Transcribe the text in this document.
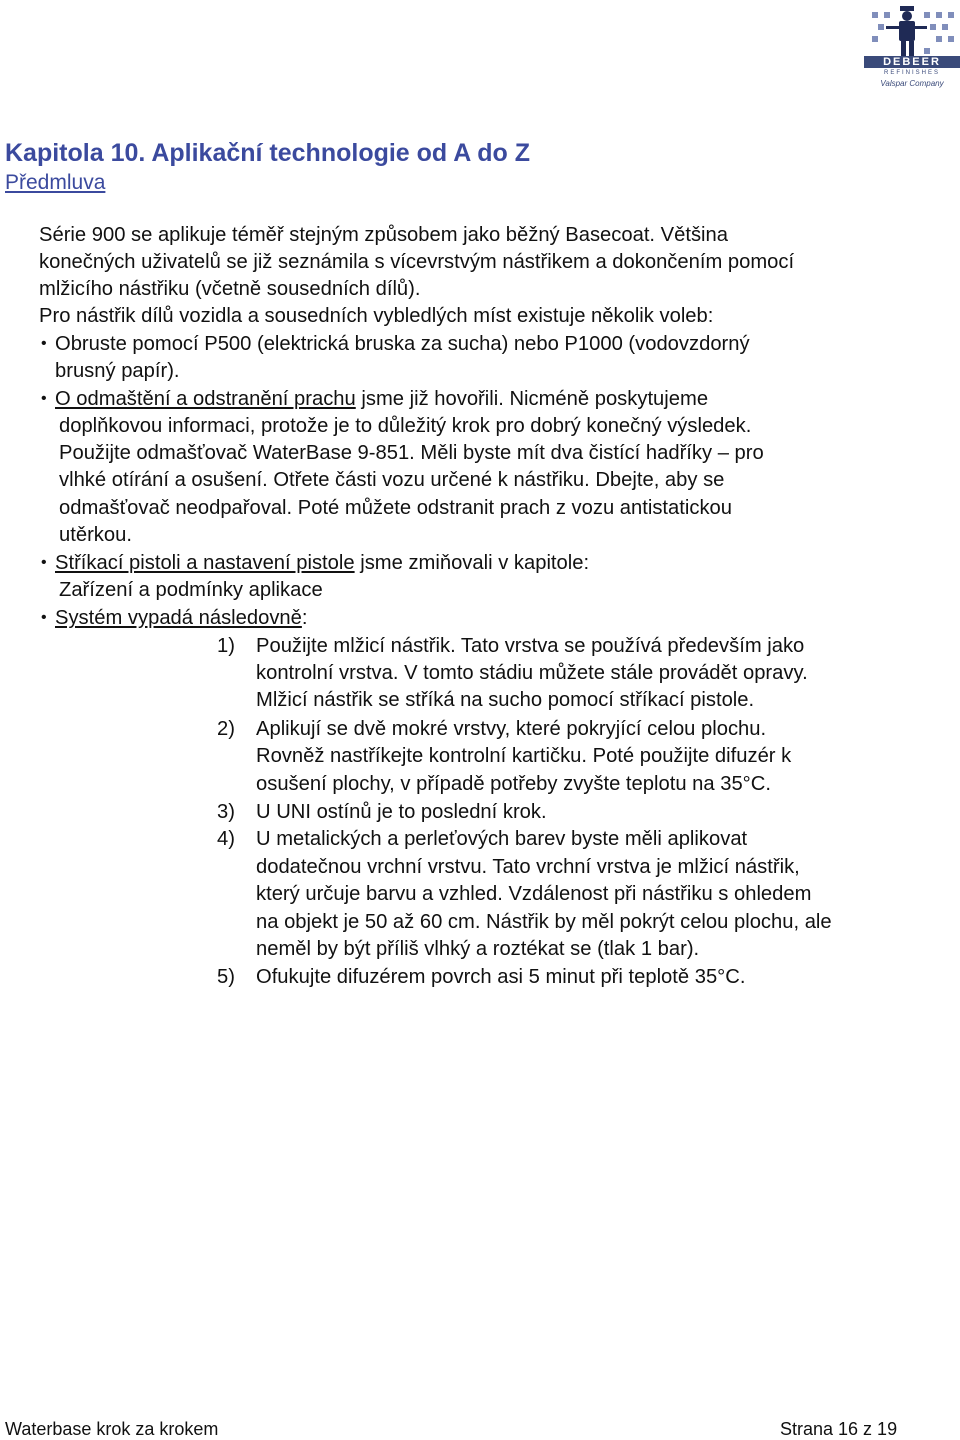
DEBEER
REFINISHES
Valspar Company
Kapitola 10. Aplikační technologie od A do Z
Předmluva
Série 900 se aplikuje téměř stejným způsobem jako běžný Basecoat. Většina
konečných uživatelů se již seznámila s vícevrstvým nástřikem a dokončením pomocí
mlžicího nástřiku (včetně sousedních dílů).
Pro nástřik dílů vozidla a sousedních vybledlých míst existuje několik voleb:
• Obruste pomocí P500 (elektrická bruska za sucha) nebo P1000 (vodovzdorný
brusný papír).
• O odmaštění a odstranění prachu jsme již hovořili. Nicméně poskytujeme
doplňkovou informaci, protože je to důležitý krok pro dobrý konečný výsledek.
Použijte odmašťovač WaterBase 9-851. Měli byste mít dva čistící hadříky – pro
vlhké otírání a osušení. Otřete části vozu určené k nástřiku. Dbejte, aby se
odmašťovač neodpařoval. Poté můžete odstranit prach z vozu antistatickou
utěrkou.
• Stříkací pistoli a nastavení pistole jsme zmiňovali v kapitole:
Zařízení a podmínky aplikace
• Systém vypadá následovně:
1) Použijte mlžicí nástřik. Tato vrstva se používá především jako
kontrolní vrstva. V tomto stádiu můžete stále provádět opravy.
Mlžicí nástřik se stříká na sucho pomocí stříkací pistole.
2) Aplikují se dvě mokré vrstvy, které pokryjící celou plochu.
Rovněž nastříkejte kontrolní kartičku. Poté použijte difuzér k
osušení plochy, v případě potřeby zvyšte teplotu na 35°C.
3) U UNI ostínů je to poslední krok.
4) U metalických a perleťových barev byste měli aplikovat
dodatečnou vrchní vrstvu. Tato vrchní vrstva je mlžicí nástřik,
který určuje barvu a vzhled. Vzdálenost při nástřiku s ohledem
na objekt je 50 až 60 cm. Nástřik by měl pokrýt celou plochu, ale
neměl by být příliš vlhký a roztékat se (tlak 1 bar).
5) Ofukujte difuzérem povrch asi 5 minut při teplotě 35°C.
Waterbase krok za krokem	Strana 16 z 19
